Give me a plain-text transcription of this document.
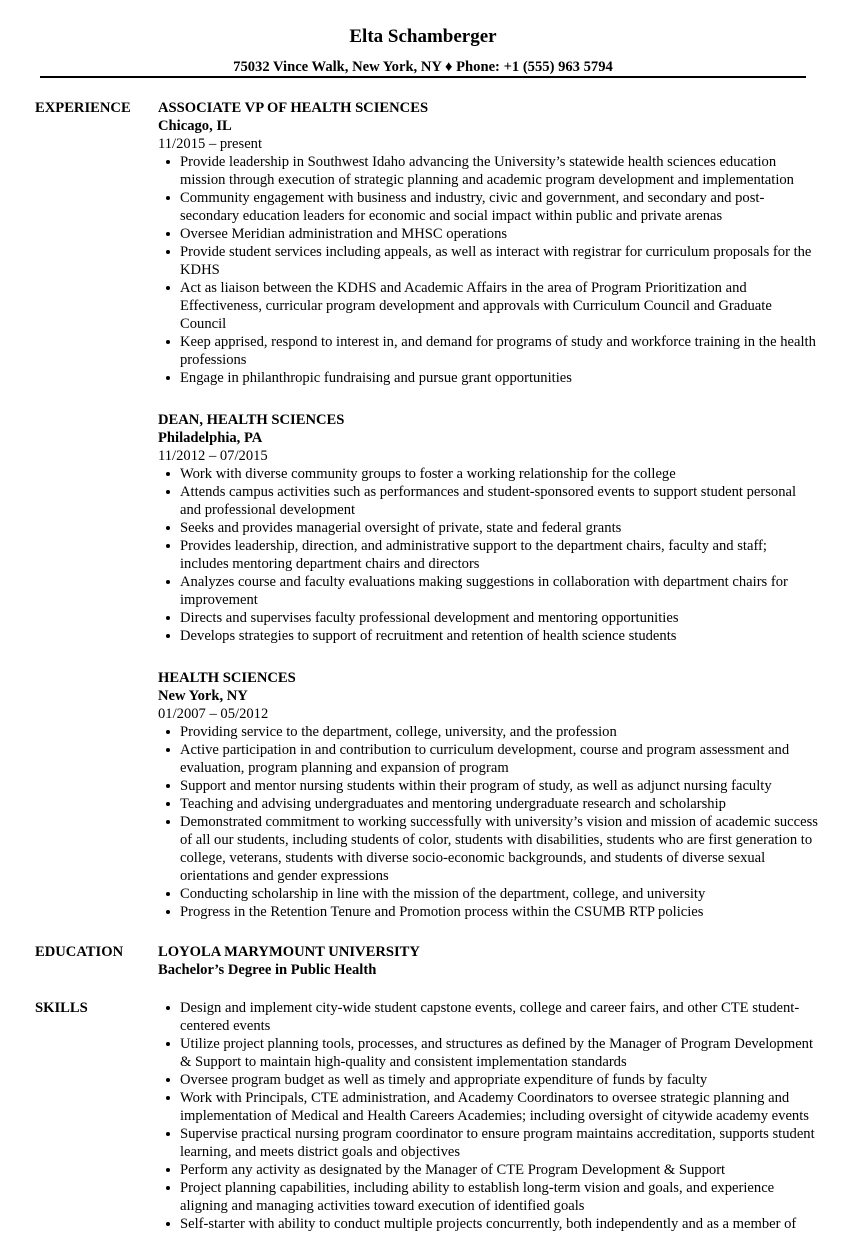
Elta Schamberger
75032 Vince Walk, New York, NY ♦ Phone: +1 (555) 963 5794
EXPERIENCE ASSOCIATE VP OF HEALTH SCIENCES
Chicago, IL
11/2015 – present
Provide leadership in Southwest Idaho advancing the University’s statewide health sciences education mission through execution of strategic planning and academic program development and implementation
Community engagement with business and industry, civic and government, and secondary and post-secondary education leaders for economic and social impact within public and private arenas
Oversee Meridian administration and MHSC operations
Provide student services including appeals, as well as interact with registrar for curriculum proposals for the KDHS
Act as liaison between the KDHS and Academic Affairs in the area of Program Prioritization and Effectiveness, curricular program development and approvals with Curriculum Council and Graduate Council
Keep apprised, respond to interest in, and demand for programs of study and workforce training in the health professions
Engage in philanthropic fundraising and pursue grant opportunities
DEAN, HEALTH SCIENCES
Philadelphia, PA
11/2012 – 07/2015
Work with diverse community groups to foster a working relationship for the college
Attends campus activities such as performances and student-sponsored events to support student personal and professional development
Seeks and provides managerial oversight of private, state and federal grants
Provides leadership, direction, and administrative support to the department chairs, faculty and staff; includes mentoring department chairs and directors
Analyzes course and faculty evaluations making suggestions in collaboration with department chairs for improvement
Directs and supervises faculty professional development and mentoring opportunities
Develops strategies to support of recruitment and retention of health science students
HEALTH SCIENCES
New York, NY
01/2007 – 05/2012
Providing service to the department, college, university, and the profession
Active participation in and contribution to curriculum development, course and program assessment and evaluation, program planning and expansion of program
Support and mentor nursing students within their program of study, as well as adjunct nursing faculty
Teaching and advising undergraduates and mentoring undergraduate research and scholarship
Demonstrated commitment to working successfully with university’s vision and mission of academic success of all our students, including students of color, students with disabilities, students who are first generation to college, veterans, students with diverse socio-economic backgrounds, and students of diverse sexual orientations and gender expressions
Conducting scholarship in line with the mission of the department, college, and university
Progress in the Retention Tenure and Promotion process within the CSUMB RTP policies
EDUCATION LOYOLA MARYMOUNT UNIVERSITY
Bachelor’s Degree in Public Health
SKILLS	Design and implement city-wide student capstone events, college and career fairs, and other CTE student-centered events
Utilize project planning tools, processes, and structures as defined by the Manager of Program Development & Support to maintain high-quality and consistent implementation standards
Oversee program budget as well as timely and appropriate expenditure of funds by faculty
Work with Principals, CTE administration, and Academy Coordinators to oversee strategic planning and implementation of Medical and Health Careers Academies; including oversight of citywide academy events
Supervise practical nursing program coordinator to ensure program maintains accreditation, supports student learning, and meets district goals and objectives
Perform any activity as designated by the Manager of CTE Program Development & Support
Project planning capabilities, including ability to establish long-term vision and goals, and experience aligning and managing activities toward execution of identified goals
Self-starter with ability to conduct multiple projects concurrently, both independently and as a member of
